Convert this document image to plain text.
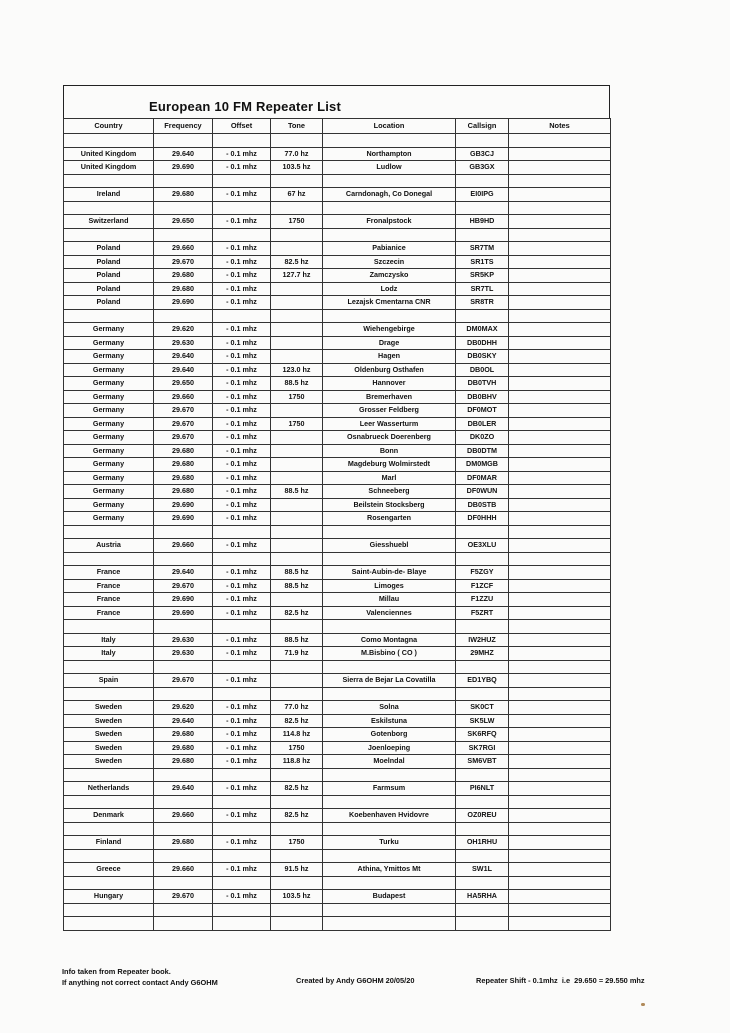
European 10 FM Repeater List
Country	Frequency	Offset	Tone	Location	Callsign	Notes

United Kingdom	29.640	- 0.1 mhz	77.0 hz	Northampton	GB3CJ	
United Kingdom	29.690	- 0.1 mhz	103.5 hz	Ludlow	GB3GX	

Ireland	29.680	- 0.1 mhz	67 hz	Carndonagh, Co Donegal	EI0IPG	

Switzerland	29.650	- 0.1 mhz	1750	Fronalpstock	HB9HD	

Poland	29.660	- 0.1 mhz		Pabianice	SR7TM	
Poland	29.670	- 0.1 mhz	82.5 hz	Szczecin	SR1TS	
Poland	29.680	- 0.1 mhz	127.7 hz	Zamczysko	SR5KP	
Poland	29.680	- 0.1 mhz		Lodz	SR7TL	
Poland	29.690	- 0.1 mhz		Lezajsk Cmentarna CNR	SR8TR	

Germany	29.620	- 0.1 mhz		Wiehengebirge	DM0MAX	
Germany	29.630	- 0.1 mhz		Drage	DB0DHH	
Germany	29.640	- 0.1 mhz		Hagen	DB0SKY	
Germany	29.640	- 0.1 mhz	123.0 hz	Oldenburg Osthafen	DB0OL	
Germany	29.650	- 0.1 mhz	88.5 hz	Hannover	DB0TVH	
Germany	29.660	- 0.1 mhz	1750	Bremerhaven	DB0BHV	
Germany	29.670	- 0.1 mhz		Grosser Feldberg	DF0MOT	
Germany	29.670	- 0.1 mhz	1750	Leer Wasserturm	DB0LER	
Germany	29.670	- 0.1 mhz		Osnabrueck Doerenberg	DK0ZO	
Germany	29.680	- 0.1 mhz		Bonn	DB0DTM	
Germany	29.680	- 0.1 mhz		Magdeburg Wolmirstedt	DM0MGB	
Germany	29.680	- 0.1 mhz		Marl	DF0MAR	
Germany	29.680	- 0.1 mhz	88.5 hz	Schneeberg	DF0WUN	
Germany	29.690	- 0.1 mhz		Beilstein Stocksberg	DB0STB	
Germany	29.690	- 0.1 mhz		Rosengarten	DF0HHH	

Austria	29.660	- 0.1 mhz		Giesshuebl	OE3XLU	

France	29.640	- 0.1 mhz	88.5 hz	Saint-Aubin-de- Blaye	F5ZGY	
France	29.670	- 0.1 mhz	88.5 hz	Limoges	F1ZCF	
France	29.690	- 0.1 mhz		Millau	F1ZZU	
France	29.690	- 0.1 mhz	82.5 hz	Valenciennes	F5ZRT	

Italy	29.630	- 0.1 mhz	88.5 hz	Como Montagna	IW2HUZ	
Italy	29.630	- 0.1 mhz	71.9 hz	M.Bisbino ( CO )	29MHZ	

Spain	29.670	- 0.1 mhz		Sierra de Bejar La Covatilla	ED1YBQ	

Sweden	29.620	- 0.1 mhz	77.0 hz	Solna	SK0CT	
Sweden	29.640	- 0.1 mhz	82.5 hz	Eskilstuna	SK5LW	
Sweden	29.680	- 0.1 mhz	114.8 hz	Gotenborg	SK6RFQ	
Sweden	29.680	- 0.1 mhz	1750	Joenloeping	SK7RGI	
Sweden	29.680	- 0.1 mhz	118.8 hz	Moelndal	SM6VBT	

Netherlands	29.640	- 0.1 mhz	82.5 hz	Farmsum	PI6NLT	

Denmark	29.660	- 0.1 mhz	82.5 hz	Koebenhaven Hvidovre	OZ0REU	

Finland	29.680	- 0.1 mhz	1750	Turku	OH1RHU	

Greece	29.660	- 0.1 mhz	91.5 hz	Athina, Ymittos Mt	SW1L	

Hungary	29.670	- 0.1 mhz	103.5 hz	Budapest	HA5RHA	

Info taken from Repeater book.
If anything not correct contact Andy G6OHM	Created by Andy G6OHM 20/05/20	Repeater Shift - 0.1mhz  i.e  29.650 = 29.550 mhz
